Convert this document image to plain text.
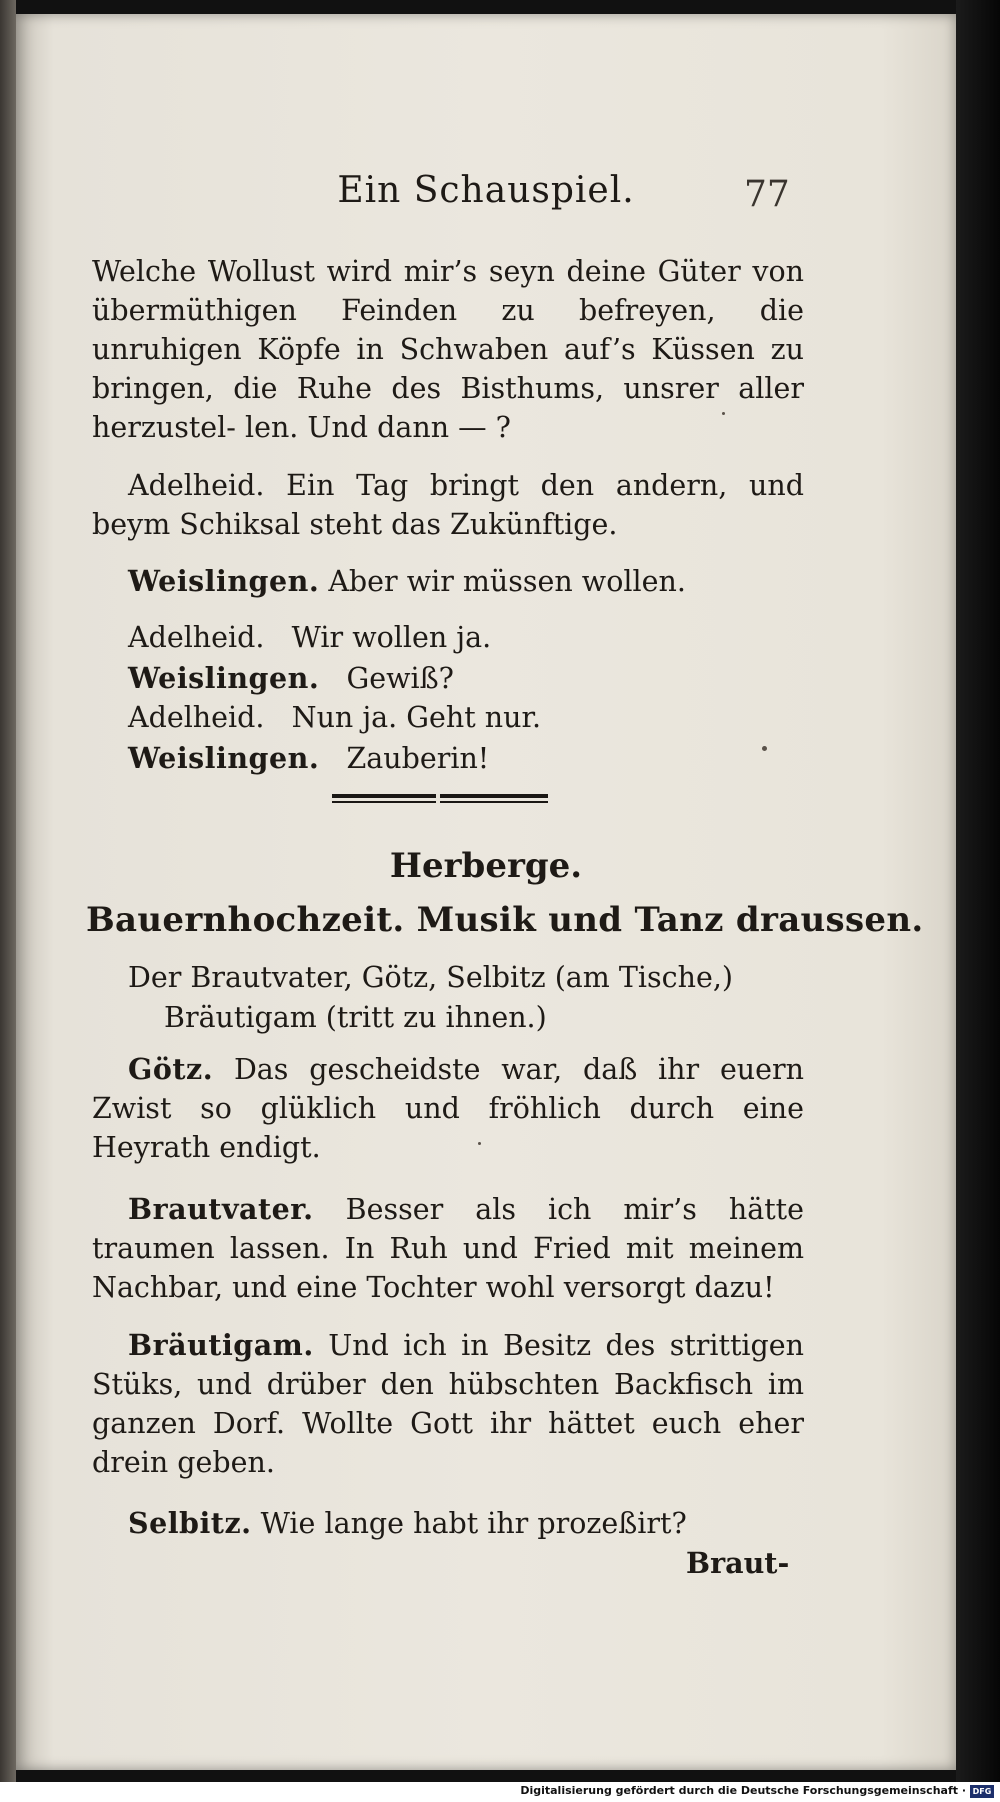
Ein Schauspiel.	77
Welche Wollust wird mir’s seyn deine Güter von übermüthigen Feinden zu befreyen, die unruhigen Köpfe in Schwaben auf’s Küssen zu bringen, die Ruhe des Bisthums, unsrer aller herzustel- len. Und dann — ?

Adelheid. Ein Tag bringt den andern, und beym Schiksal steht das Zukünftige.

Weislingen. Aber wir müssen wollen.

Adelheid. Wir wollen ja.
Weislingen. Gewiß?
Adelheid. Nun ja. Geht nur.
Weislingen. Zauberin!
Herberge.
Bauernhochzeit. Musik und Tanz draussen.
Der Brautvater, Götz, Selbitz (am Tische,)
Bräutigam (tritt zu ihnen.)

Götz. Das gescheidste war, daß ihr euern Zwist so glüklich und fröhlich durch eine Heyrath endigt.

Brautvater. Besser als ich mir’s hätte traumen lassen. In Ruh und Fried mit meinem Nachbar, und eine Tochter wohl versorgt dazu!

Bräutigam. Und ich in Besitz des strittigen Stüks, und drüber den hübschten Backfisch im ganzen Dorf. Wollte Gott ihr hättet euch eher drein geben.

Selbitz. Wie lange habt ihr prozeßirt?

Braut-
Digitalisierung gefördert durch die Deutsche Forschungsgemeinschaft · DFG
